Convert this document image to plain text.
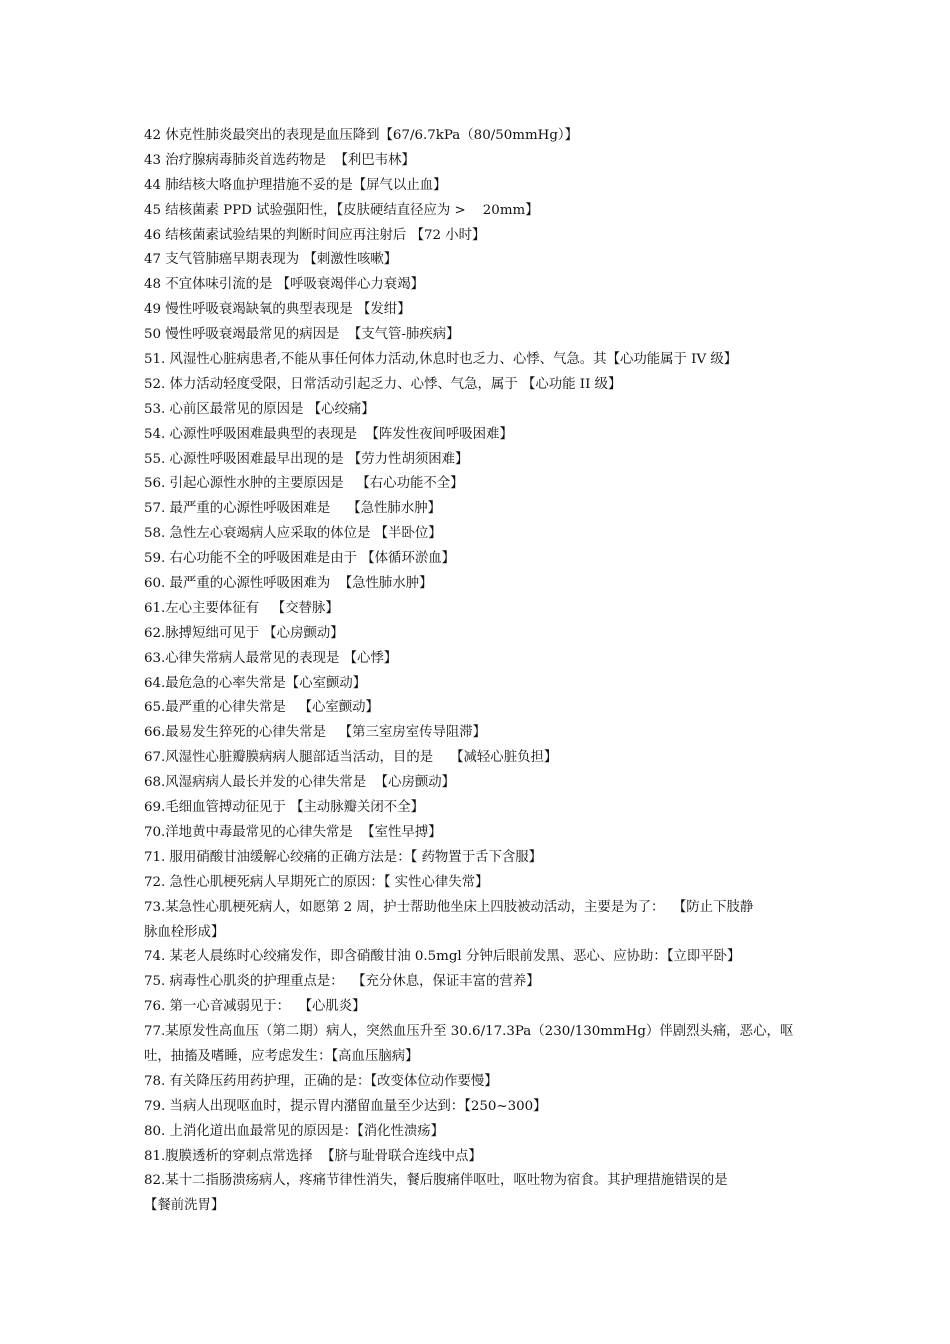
42 休克性肺炎最突出的表现是血压降到【67/6.7kPa（80/50mmHg）】
43 治疗腺病毒肺炎首选药物是  【利巴韦林】
44 肺结核大咯血护理措施不妥的是【屏气以止血】
45 结核菌素 PPD 试验强阳性，【皮肤硬结直径应为 >    20mm】
46 结核菌素试验结果的判断时间应再注射后 【72 小时】
47 支气管肺癌早期表现为 【刺激性咳嗽】
48 不宜体味引流的是 【呼吸衰竭伴心力衰竭】
49 慢性呼吸衰竭缺氧的典型表现是 【发绀】
50 慢性呼吸衰竭最常见的病因是  【支气管-肺疾病】
51. 风湿性心脏病患者,不能从事任何体力活动,休息时也乏力、心悸、气急。其【心功能属于 IV 级】
52. 体力活动轻度受限，日常活动引起乏力、心悸、气急，属于 【心功能 II 级】
53. 心前区最常见的原因是 【心绞痛】
54. 心源性呼吸困难最典型的表现是  【阵发性夜间呼吸困难】
55. 心源性呼吸困难最早出现的是 【劳力性胡须困难】
56. 引起心源性水肿的主要原因是   【右心功能不全】
57. 最严重的心源性呼吸困难是    【急性肺水肿】
58. 急性左心衰竭病人应采取的体位是 【半卧位】
59. 右心功能不全的呼吸困难是由于 【体循环淤血】
60. 最严重的心源性呼吸困难为  【急性肺水肿】
61.左心主要体征有   【交替脉】
62.脉搏短绌可见于 【心房颤动】
63.心律失常病人最常见的表现是 【心悸】
64.最危急的心率失常是【心室颤动】
65.最严重的心律失常是   【心室颤动】
66.最易发生猝死的心律失常是   【第三室房室传导阻滞】
67.风湿性心脏瓣膜病病人腿部适当活动，目的是    【减轻心脏负担】
68.风湿病病人最长并发的心律失常是  【心房颤动】
69.毛细血管搏动征见于 【主动脉瓣关闭不全】
70.洋地黄中毒最常见的心律失常是  【室性早搏】
71. 服用硝酸甘油缓解心绞痛的正确方法是：【 药物置于舌下含服】
72. 急性心肌梗死病人早期死亡的原因：【 实性心律失常】
73.某急性心肌梗死病人，如愿第 2 周，护士帮助他坐床上四肢被动活动，主要是为了：  【防止下肢静
脉血栓形成】
74. 某老人晨练时心绞痛发作，即含硝酸甘油 0.5mgl 分钟后眼前发黑、恶心、应协助：【立即平卧】
75. 病毒性心肌炎的护理重点是：  【充分休息，保证丰富的营养】
76. 第一心音减弱见于：  【心肌炎】
77.某原发性高血压（第二期）病人，突然血压升至 30.6/17.3Pa（230/130mmHg）伴剧烈头痛，恶心，呕
吐，抽搐及嗜睡，应考虑发生：【高血压脑病】
78. 有关降压药用药护理，正确的是：【改变体位动作要慢】
79. 当病人出现呕血时，提示胃内潴留血量至少达到：【250~300】
80. 上消化道出血最常见的原因是：【消化性溃疡】
81.腹膜透析的穿刺点常选择  【脐与耻骨联合连线中点】
82.某十二指肠溃疡病人，疼痛节律性消失，餐后腹痛伴呕吐，呕吐物为宿食。其护理措施错误的是
【餐前洗胃】
